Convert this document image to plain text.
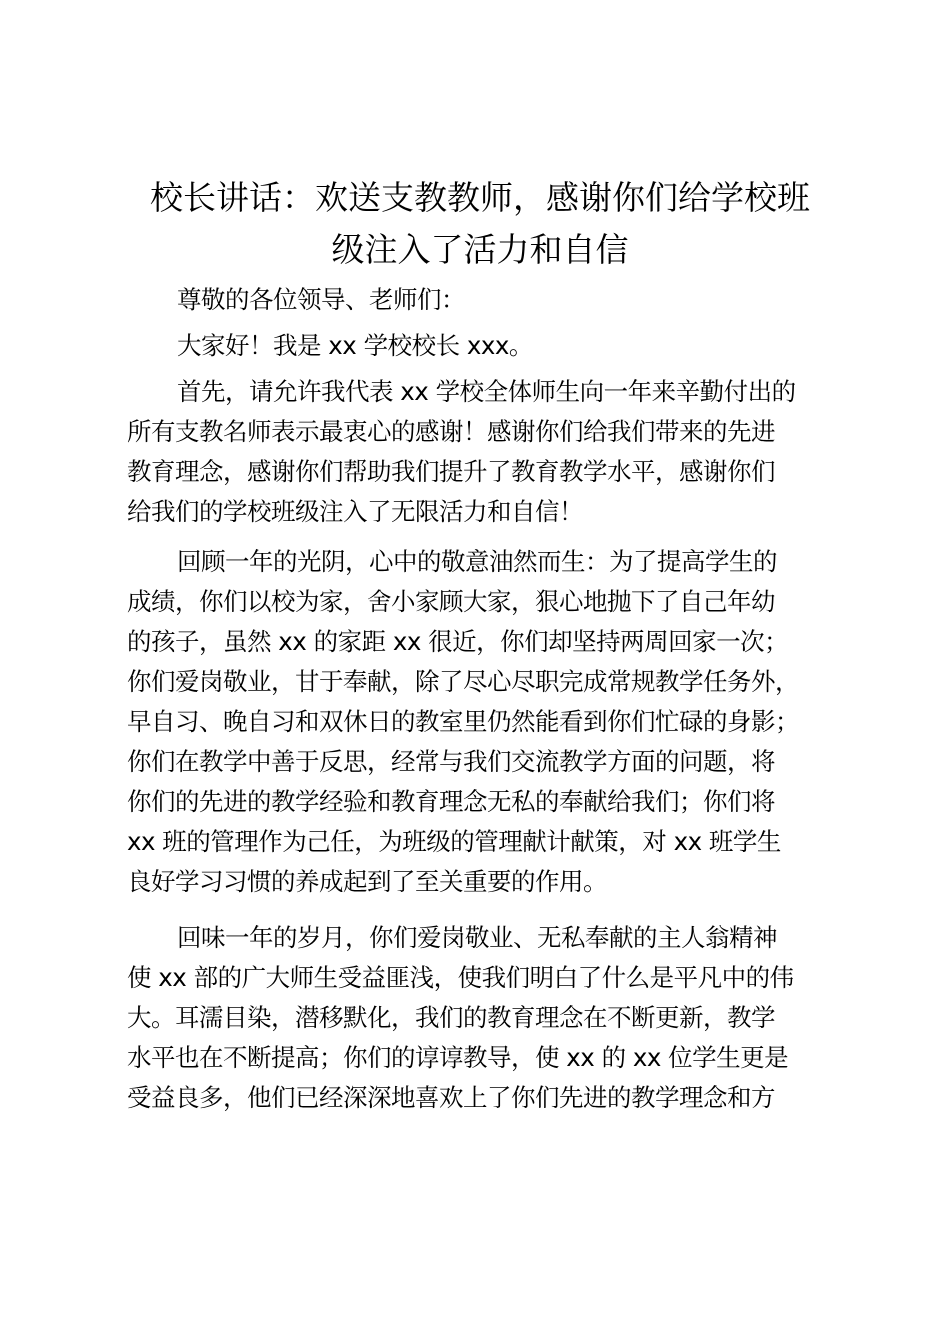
校长讲话：欢送支教教师，感谢你们给学校班
级注入了活力和自信

尊敬的各位领导、老师们：

大家好！我是 xx 学校校长 xxx。

首先，请允许我代表 xx 学校全体师生向一年来辛勤付出的
所有支教名师表示最衷心的感谢！感谢你们给我们带来的先进
教育理念，感谢你们帮助我们提升了教育教学水平，感谢你们
给我们的学校班级注入了无限活力和自信！

回顾一年的光阴，心中的敬意油然而生：为了提高学生的
成绩，你们以校为家，舍小家顾大家，狠心地抛下了自己年幼
的孩子，虽然 xx 的家距 xx 很近，你们却坚持两周回家一次；
你们爱岗敬业，甘于奉献，除了尽心尽职完成常规教学任务外，
早自习、晚自习和双休日的教室里仍然能看到你们忙碌的身影；
你们在教学中善于反思，经常与我们交流教学方面的问题，将
你们的先进的教学经验和教育理念无私的奉献给我们；你们将
xx 班的管理作为己任，为班级的管理献计献策，对 xx 班学生
良好学习习惯的养成起到了至关重要的作用。

回味一年的岁月，你们爱岗敬业、无私奉献的主人翁精神
使 xx 部的广大师生受益匪浅，使我们明白了什么是平凡中的伟
大。耳濡目染，潜移默化，我们的教育理念在不断更新，教学
水平也在不断提高；你们的谆谆教导，使 xx 的 xx 位学生更是
受益良多，他们已经深深地喜欢上了你们先进的教学理念和方
